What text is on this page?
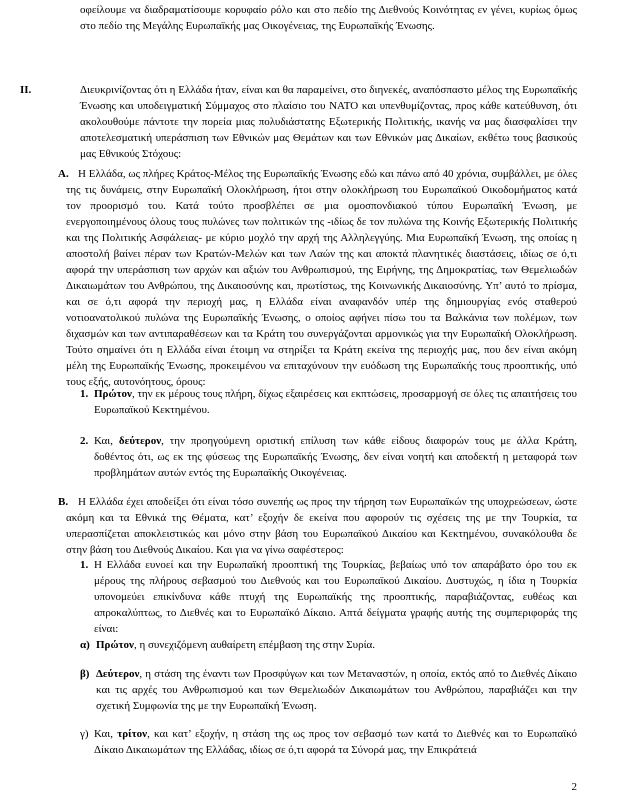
οφείλουμε να διαδραματίσουμε κορυφαίο ρόλο και στο πεδίο της Διεθνούς Κοινότητας εν γένει, κυρίως όμως στο πεδίο της Μεγάλης Ευρωπαϊκής μας Οικογένειας, της Ευρωπαϊκής Ένωσης.

II.	Διευκρινίζοντας ότι η Ελλάδα ήταν, είναι και θα παραμείνει, στο διηνεκές, αναπόσπαστο μέλος της Ευρωπαϊκής Ένωσης και υποδειγματική Σύμμαχος στο πλαίσιο του ΝΑΤΟ και υπενθυμίζοντας, προς κάθε κατεύθυνση, ότι ακολουθούμε πάντοτε την πορεία μιας πολυδιάστατης Εξωτερικής Πολιτικής, ικανής να μας διασφαλίσει την αποτελεσματική υπεράσπιση των Εθνικών μας Θεμάτων και των Εθνικών μας Δικαίων, εκθέτω τους βασικούς μας Εθνικούς Στόχους:

A. Η Ελλάδα, ως πλήρες Κράτος-Μέλος της Ευρωπαϊκής Ένωσης εδώ και πάνω από 40 χρόνια, συμβάλλει, με όλες της τις δυνάμεις, στην Ευρωπαϊκή Ολοκλήρωση, ήτοι στην ολοκλήρωση του Ευρωπαϊκού Οικοδομήματος κατά τον προορισμό του. Κατά τούτο προσβλέπει σε μια ομοσπονδιακού τύπου Ευρωπαϊκή Ένωση, με ενεργοποιημένους όλους τους πυλώνες των πολιτικών της -ιδίως δε τον πυλώνα της Κοινής Εξωτερικής Πολιτικής και της Πολιτικής Ασφάλειας- με κύριο μοχλό την αρχή της Αλληλεγγύης. Μια Ευρωπαϊκή Ένωση, της οποίας η αποστολή βαίνει πέραν των Κρατών-Μελών και των Λαών της και αποκτά πλανητικές διαστάσεις, ιδίως σε ό,τι αφορά την υπεράσπιση των αρχών και αξιών του Ανθρωπισμού, της Ειρήνης, της Δημοκρατίας, των Θεμελιωδών Δικαιωμάτων του Ανθρώπου, της Δικαιοσύνης και, πρωτίστως, της Κοινωνικής Δικαιοσύνης. Υπ’ αυτό το πρίσμα, και σε ό,τι αφορά την περιοχή μας, η Ελλάδα είναι αναφανδόν υπέρ της δημιουργίας ενός σταθερού νοτιοανατολικού πυλώνα της Ευρωπαϊκής Ένωσης, ο οποίος αφήνει πίσω του τα Βαλκάνια των πολέμων, των διχασμών και των αντιπαραθέσεων και τα Κράτη του συνεργάζονται αρμονικώς για την Ευρωπαϊκή Ολοκλήρωση. Τούτο σημαίνει ότι η Ελλάδα είναι έτοιμη να στηρίξει τα Κράτη εκείνα της περιοχής μας, που δεν είναι ακόμη μέλη της Ευρωπαϊκής Ένωσης, προκειμένου να επιταχύνουν την ευόδωση της Ευρωπαϊκής τους προοπτικής, υπό τους εξής, αυτονόητους, όρους:

1. Πρώτον, την εκ μέρους τους πλήρη, δίχως εξαιρέσεις και εκπτώσεις, προσαρμογή σε όλες τις απαιτήσεις του Ευρωπαϊκού Κεκτημένου.

2. Και, δεύτερον, την προηγούμενη οριστική επίλυση των κάθε είδους διαφορών τους με άλλα Κράτη, δοθέντος ότι, ως εκ της φύσεως της Ευρωπαϊκής Ένωσης, δεν είναι νοητή και αποδεκτή η μεταφορά των προβλημάτων αυτών εντός της Ευρωπαϊκής Οικογένειας.

B. Η Ελλάδα έχει αποδείξει ότι είναι τόσο συνεπής ως προς την τήρηση των Ευρωπαϊκών της υποχρεώσεων, ώστε ακόμη και τα Εθνικά της Θέματα, κατ’ εξοχήν δε εκείνα που αφορούν τις σχέσεις της με την Τουρκία, τα υπερασπίζεται αποκλειστικώς και μόνο στην βάση του Ευρωπαϊκού Δικαίου και Κεκτημένου, συνακόλουθα δε στην βάση του Διεθνούς Δικαίου. Και για να γίνω σαφέστερος:

1. Η Ελλάδα ευνοεί και την Ευρωπαϊκή προοπτική της Τουρκίας, βεβαίως υπό τον απαράβατο όρο του εκ μέρους της πλήρους σεβασμού του Διεθνούς και του Ευρωπαϊκού Δικαίου. Δυστυχώς, η ίδια η Τουρκία υπονομεύει επικίνδυνα κάθε πτυχή της Ευρωπαϊκής της προοπτικής, παραβιάζοντας, ευθέως και απροκαλύπτως, το Διεθνές και το Ευρωπαϊκό Δίκαιο. Απτά δείγματα γραφής αυτής της συμπεριφοράς της είναι:

α) Πρώτον, η συνεχιζόμενη αυθαίρετη επέμβαση της στην Συρία.

β) Δεύτερον, η στάση της έναντι των Προσφύγων και των Μεταναστών, η οποία, εκτός από το Διεθνές Δίκαιο και τις αρχές του Ανθρωπισμού και των Θεμελιωδών Δικαιωμάτων του Ανθρώπου, παραβιάζει και την σχετική Συμφωνία της με την Ευρωπαϊκή Ένωση.

γ) Και, τρίτον, και κατ’ εξοχήν, η στάση της ως προς τον σεβασμό των κατά το Διεθνές και το Ευρωπαϊκό Δίκαιο Δικαιωμάτων της Ελλάδας, ιδίως σε ό,τι αφορά τα Σύνορά μας, την Επικράτειά

2
